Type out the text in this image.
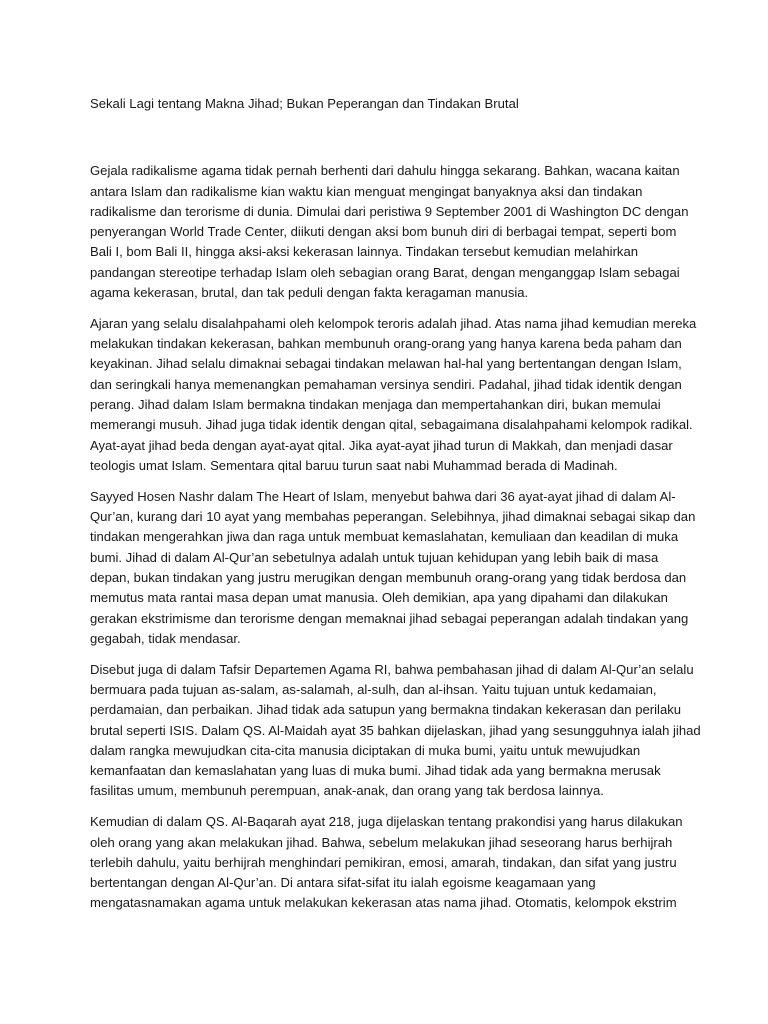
Sekali Lagi tentang Makna Jihad; Bukan Peperangan dan Tindakan Brutal
Gejala radikalisme agama tidak pernah berhenti dari dahulu hingga sekarang. Bahkan, wacana kaitan
antara Islam dan radikalisme kian waktu kian menguat mengingat banyaknya aksi dan tindakan
radikalisme dan terorisme di dunia. Dimulai dari peristiwa 9 September 2001 di Washington DC dengan
penyerangan World Trade Center, diikuti dengan aksi bom bunuh diri di berbagai tempat, seperti bom
Bali I, bom Bali II, hingga aksi-aksi kekerasan lainnya. Tindakan tersebut kemudian melahirkan
pandangan stereotipe terhadap Islam oleh sebagian orang Barat, dengan menganggap Islam sebagai
agama kekerasan, brutal, dan tak peduli dengan fakta keragaman manusia.
Ajaran yang selalu disalahpahami oleh kelompok teroris adalah jihad. Atas nama jihad kemudian mereka
melakukan tindakan kekerasan, bahkan membunuh orang-orang yang hanya karena beda paham dan
keyakinan. Jihad selalu dimaknai sebagai tindakan melawan hal-hal yang bertentangan dengan Islam,
dan seringkali hanya memenangkan pemahaman versinya sendiri. Padahal, jihad tidak identik dengan
perang. Jihad dalam Islam bermakna tindakan menjaga dan mempertahankan diri, bukan memulai
memerangi musuh. Jihad juga tidak identik dengan qital, sebagaimana disalahpahami kelompok radikal.
Ayat-ayat jihad beda dengan ayat-ayat qital. Jika ayat-ayat jihad turun di Makkah, dan menjadi dasar
teologis umat Islam. Sementara qital baruu turun saat nabi Muhammad berada di Madinah.
Sayyed Hosen Nashr dalam The Heart of Islam, menyebut bahwa dari 36 ayat-ayat jihad di dalam Al-
Qur’an, kurang dari 10 ayat yang membahas peperangan. Selebihnya, jihad dimaknai sebagai sikap dan
tindakan mengerahkan jiwa dan raga untuk membuat kemaslahatan, kemuliaan dan keadilan di muka
bumi. Jihad di dalam Al-Qur’an sebetulnya adalah untuk tujuan kehidupan yang lebih baik di masa
depan, bukan tindakan yang justru merugikan dengan membunuh orang-orang yang tidak berdosa dan
memutus mata rantai masa depan umat manusia. Oleh demikian, apa yang dipahami dan dilakukan
gerakan ekstrimisme dan terorisme dengan memaknai jihad sebagai peperangan adalah tindakan yang
gegabah, tidak mendasar.
Disebut juga di dalam Tafsir Departemen Agama RI, bahwa pembahasan jihad di dalam Al-Qur’an selalu
bermuara pada tujuan as-salam, as-salamah, al-sulh, dan al-ihsan. Yaitu tujuan untuk kedamaian,
perdamaian, dan perbaikan. Jihad tidak ada satupun yang bermakna tindakan kekerasan dan perilaku
brutal seperti ISIS. Dalam QS. Al-Maidah ayat 35 bahkan dijelaskan, jihad yang sesungguhnya ialah jihad
dalam rangka mewujudkan cita-cita manusia diciptakan di muka bumi, yaitu untuk mewujudkan
kemanfaatan dan kemaslahatan yang luas di muka bumi. Jihad tidak ada yang bermakna merusak
fasilitas umum, membunuh perempuan, anak-anak, dan orang yang tak berdosa lainnya.
Kemudian di dalam QS. Al-Baqarah ayat 218, juga dijelaskan tentang prakondisi yang harus dilakukan
oleh orang yang akan melakukan jihad. Bahwa, sebelum melakukan jihad seseorang harus berhijrah
terlebih dahulu, yaitu berhijrah menghindari pemikiran, emosi, amarah, tindakan, dan sifat yang justru
bertentangan dengan Al-Qur’an. Di antara sifat-sifat itu ialah egoisme keagamaan yang
mengatasnamakan agama untuk melakukan kekerasan atas nama jihad. Otomatis, kelompok ekstrim
